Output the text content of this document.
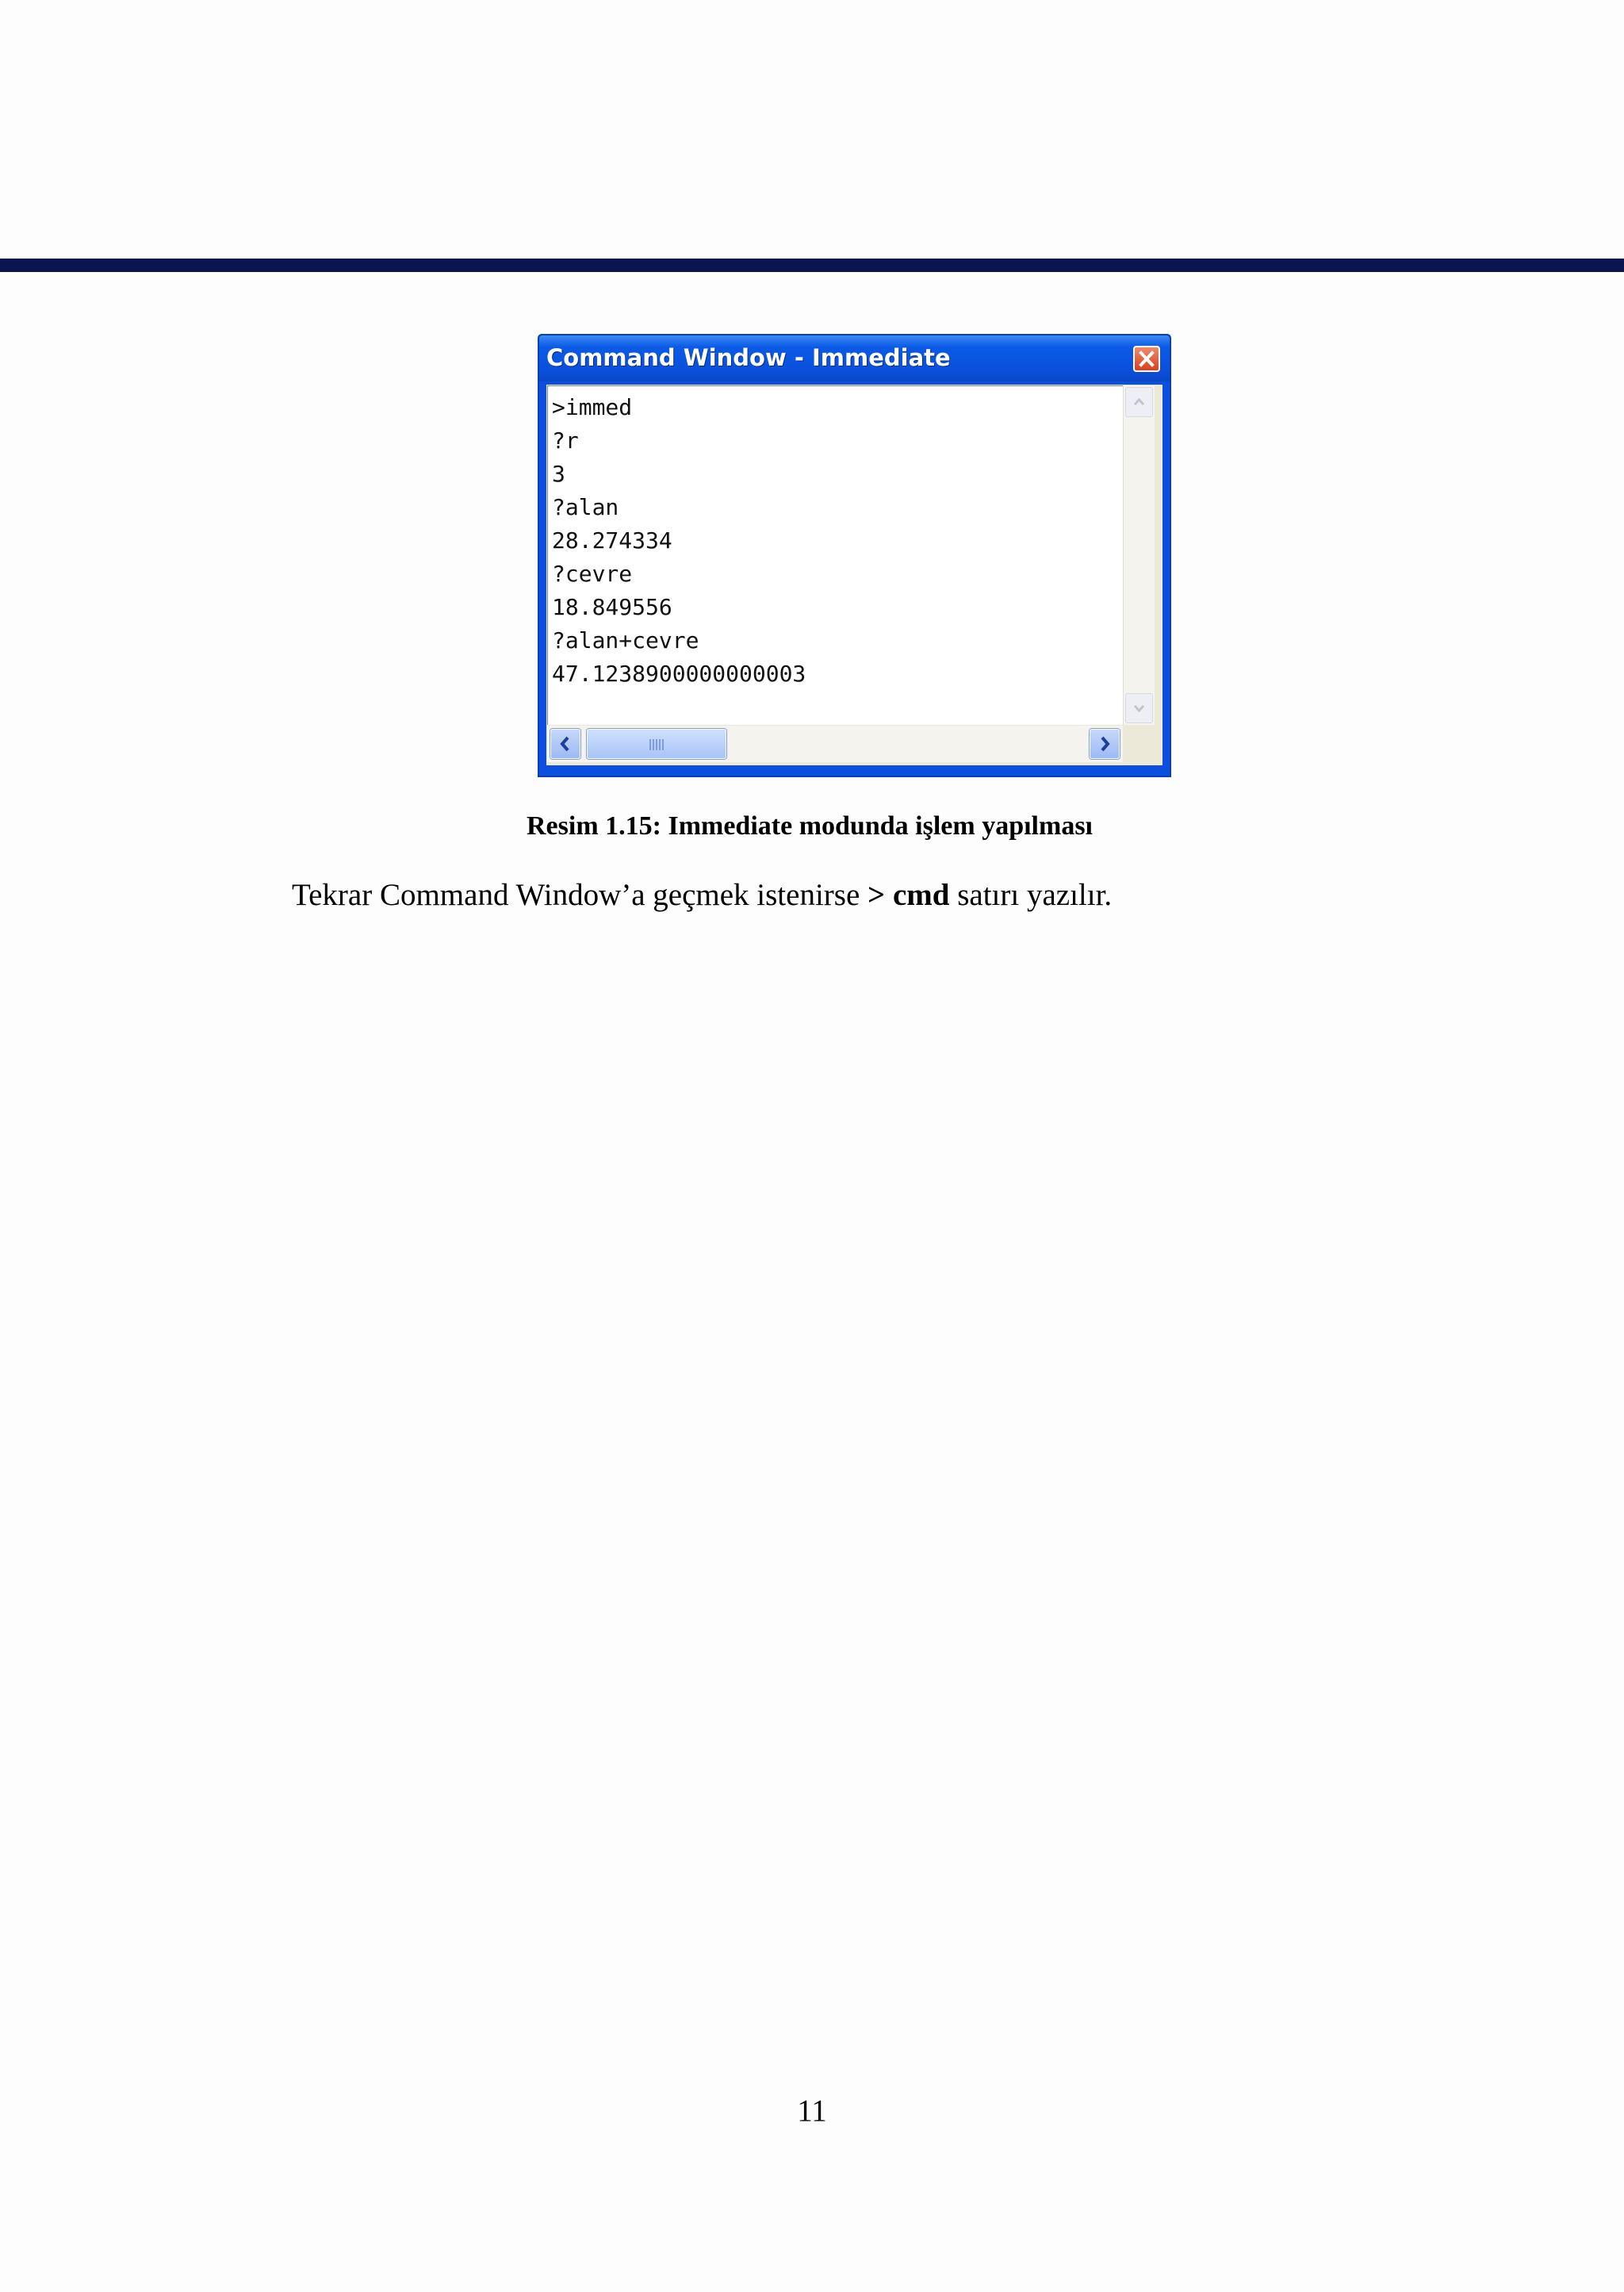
Command Window - Immediate
>immed
?r
3
?alan
28.274334
?cevre
18.849556
?alan+cevre
47.1238900000000003
Resim 1.15: Immediate modunda işlem yapılması

Tekrar Command Window’a geçmek istenirse > cmd satırı yazılır.

11
